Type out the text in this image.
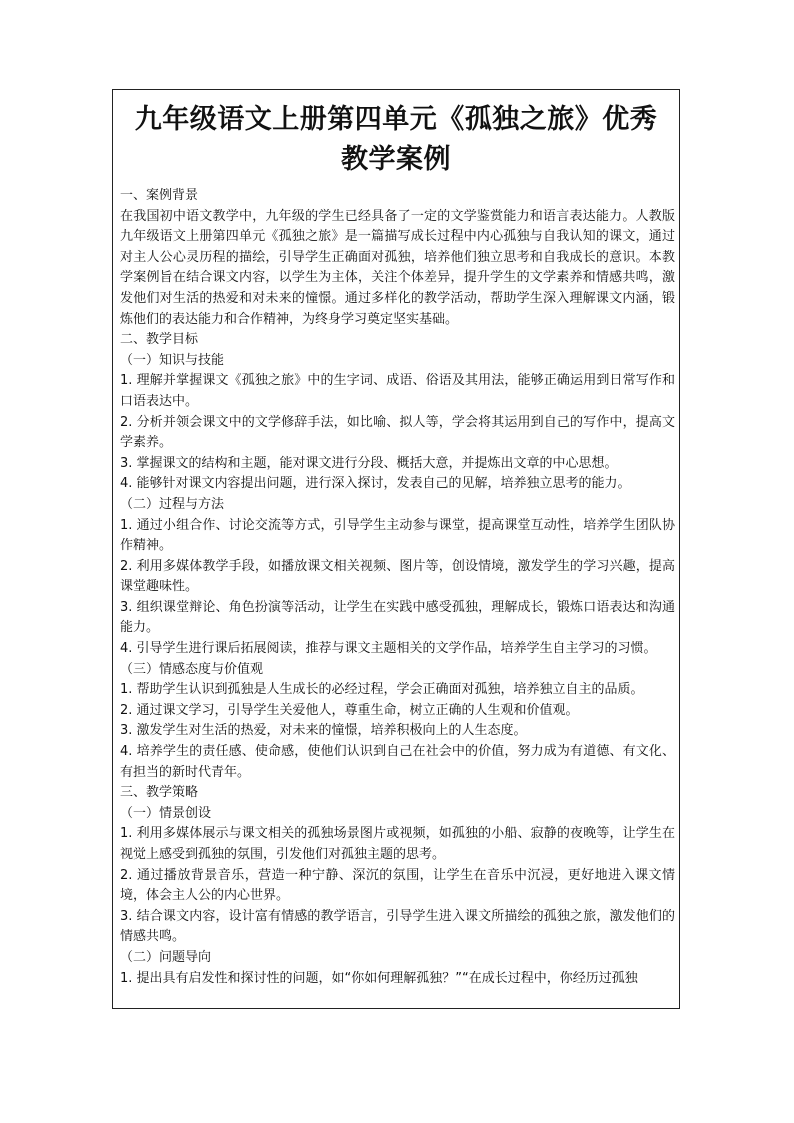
九年级语文上册第四单元《孤独之旅》优秀
教学案例

一、案例背景

在我国初中语文教学中，九年级的学生已经具备了一定的文学鉴赏能力和语言表达能力。人教版九年级语文上册第四单元《孤独之旅》是一篇描写成长过程中内心孤独与自我认知的课文，通过对主人公心灵历程的描绘，引导学生正确面对孤独，培养他们独立思考和自我成长的意识。本教学案例旨在结合课文内容，以学生为主体，关注个体差异，提升学生的文学素养和情感共鸣，激发他们对生活的热爱和对未来的憧憬。通过多样化的教学活动，帮助学生深入理解课文内涵，锻炼他们的表达能力和合作精神，为终身学习奠定坚实基础。

二、教学目标

（一）知识与技能

1. 理解并掌握课文《孤独之旅》中的生字词、成语、俗语及其用法，能够正确运用到日常写作和口语表达中。

2. 分析并领会课文中的文学修辞手法，如比喻、拟人等，学会将其运用到自己的写作中，提高文学素养。

3. 掌握课文的结构和主题，能对课文进行分段、概括大意，并提炼出文章的中心思想。

4. 能够针对课文内容提出问题，进行深入探讨，发表自己的见解，培养独立思考的能力。

（二）过程与方法

1. 通过小组合作、讨论交流等方式，引导学生主动参与课堂，提高课堂互动性，培养学生团队协作精神。

2. 利用多媒体教学手段，如播放课文相关视频、图片等，创设情境，激发学生的学习兴趣，提高课堂趣味性。

3. 组织课堂辩论、角色扮演等活动，让学生在实践中感受孤独，理解成长，锻炼口语表达和沟通能力。

4. 引导学生进行课后拓展阅读，推荐与课文主题相关的文学作品，培养学生自主学习的习惯。

（三）情感态度与价值观

1. 帮助学生认识到孤独是人生成长的必经过程，学会正确面对孤独，培养独立自主的品质。

2. 通过课文学习，引导学生关爱他人，尊重生命，树立正确的人生观和价值观。

3. 激发学生对生活的热爱，对未来的憧憬，培养积极向上的人生态度。

4. 培养学生的责任感、使命感，使他们认识到自己在社会中的价值，努力成为有道德、有文化、有担当的新时代青年。

三、教学策略

（一）情景创设

1. 利用多媒体展示与课文相关的孤独场景图片或视频，如孤独的小船、寂静的夜晚等，让学生在视觉上感受到孤独的氛围，引发他们对孤独主题的思考。

2. 通过播放背景音乐，营造一种宁静、深沉的氛围，让学生在音乐中沉浸，更好地进入课文情境，体会主人公的内心世界。

3. 结合课文内容，设计富有情感的教学语言，引导学生进入课文所描绘的孤独之旅，激发他们的情感共鸣。

（二）问题导向

1. 提出具有启发性和探讨性的问题，如“你如何理解孤独？”“在成长过程中，你经历过孤独
